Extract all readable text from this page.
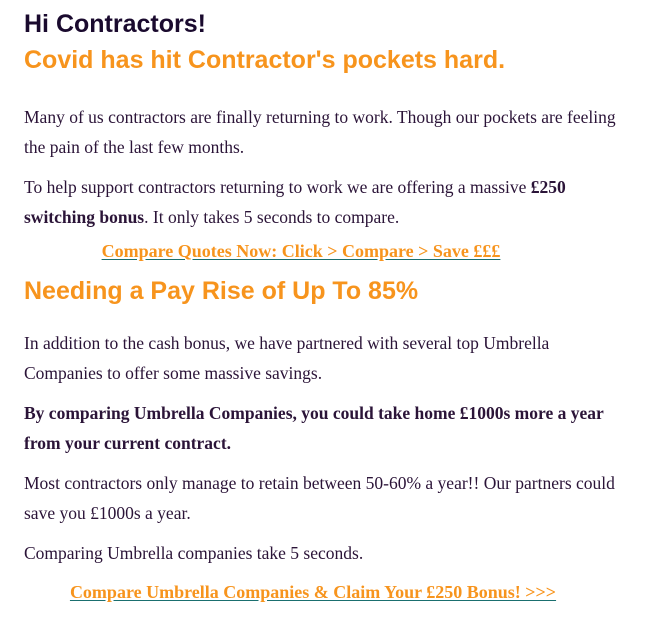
Hi Contractors!
Covid has hit Contractor's pockets hard.

Many of us contractors are finally returning to work. Though our pockets are feeling the pain of the last few months.

To help support contractors returning to work we are offering a massive £250 switching bonus. It only takes 5 seconds to compare.

Compare Quotes Now: Click > Compare > Save £££

Needing a Pay Rise of Up To 85%

In addition to the cash bonus, we have partnered with several top Umbrella Companies to offer some massive savings.

By comparing Umbrella Companies, you could take home £1000s more a year from your current contract.

Most contractors only manage to retain between 50-60% a year!! Our partners could save you £1000s a year.

Comparing Umbrella companies take 5 seconds.

Compare Umbrella Companies & Claim Your £250 Bonus! >>>
